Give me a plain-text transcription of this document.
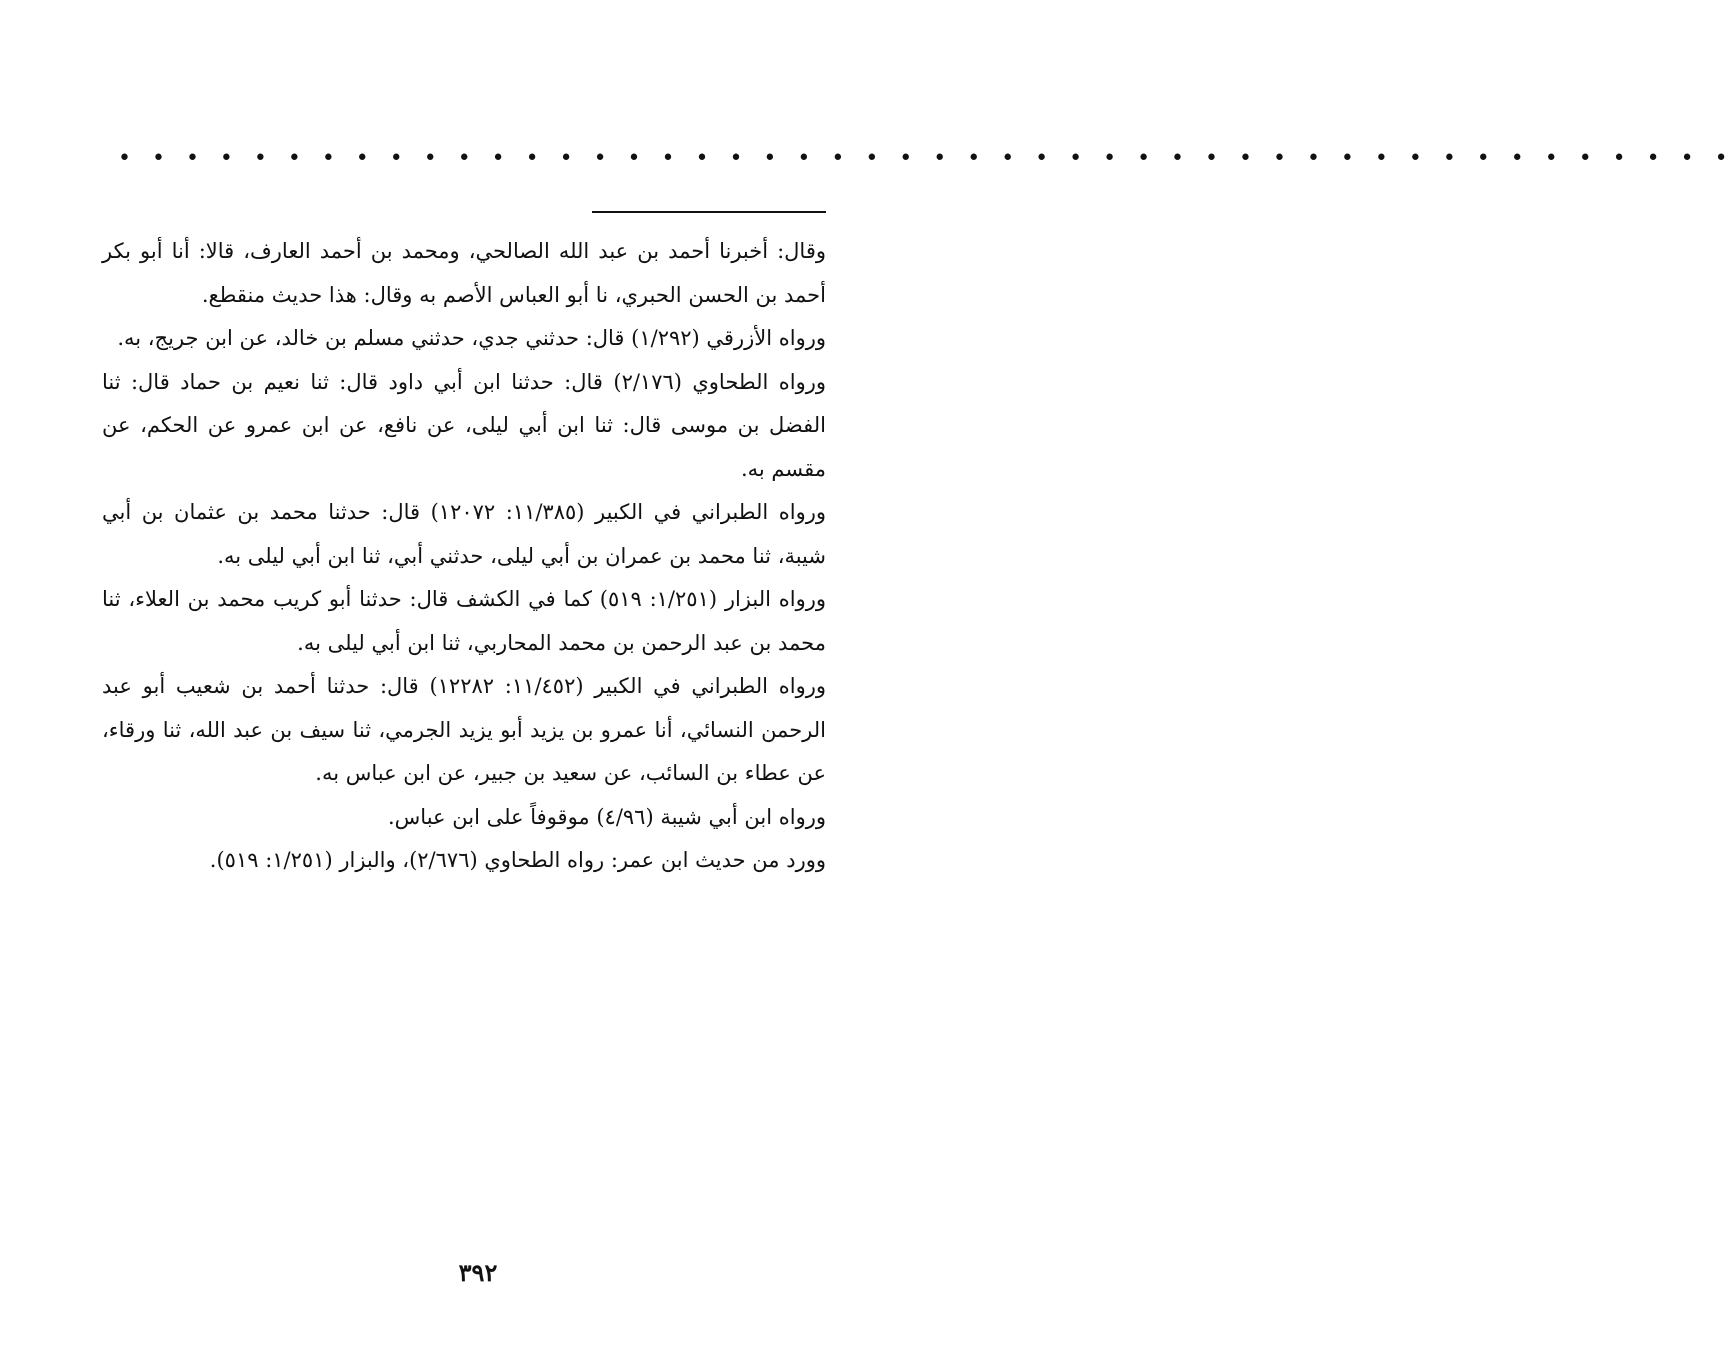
• • • • • • • • • • • • • • • • • • • • • • • • • • • • • • • • • • • • • • • • • • • • • • • •

وقال: أخبرنا أحمد بن عبد الله الصالحي، ومحمد بن أحمد العارف، قالا: أنا أبو بكر أحمد بن الحسن الحبري، نا أبو العباس الأصم به وقال: هذا حديث منقطع.

ورواه الأزرقي (١/٢٩٢) قال: حدثني جدي، حدثني مسلم بن خالد، عن ابن جريج، به.

ورواه الطحاوي (٢/١٧٦) قال: حدثنا ابن أبي داود قال: ثنا نعيم بن حماد قال: ثنا الفضل بن موسى قال: ثنا ابن أبي ليلى، عن نافع، عن ابن عمرو عن الحكم، عن مقسم به.

ورواه الطبراني في الكبير (١١/٣٨٥: ١٢٠٧٢) قال: حدثنا محمد بن عثمان بن أبي شيبة، ثنا محمد بن عمران بن أبي ليلى، حدثني أبي، ثنا ابن أبي ليلى به.

ورواه البزار (١/٢٥١: ٥١٩) كما في الكشف قال: حدثنا أبو كريب محمد بن العلاء، ثنا محمد بن عبد الرحمن بن محمد المحاربي، ثنا ابن أبي ليلى به.

ورواه الطبراني في الكبير (١١/٤٥٢: ١٢٢٨٢) قال: حدثنا أحمد بن شعيب أبو عبد الرحمن النسائي، أنا عمرو بن يزيد أبو يزيد الجرمي، ثنا سيف بن عبد الله، ثنا ورقاء، عن عطاء بن السائب، عن سعيد بن جبير، عن ابن عباس به.

ورواه ابن أبي شيبة (٤/٩٦) موقوفاً على ابن عباس.

وورد من حديث ابن عمر: رواه الطحاوي (٢/٦٧٦)، والبزار (١/٢٥١: ٥١٩).

٣٩٢
